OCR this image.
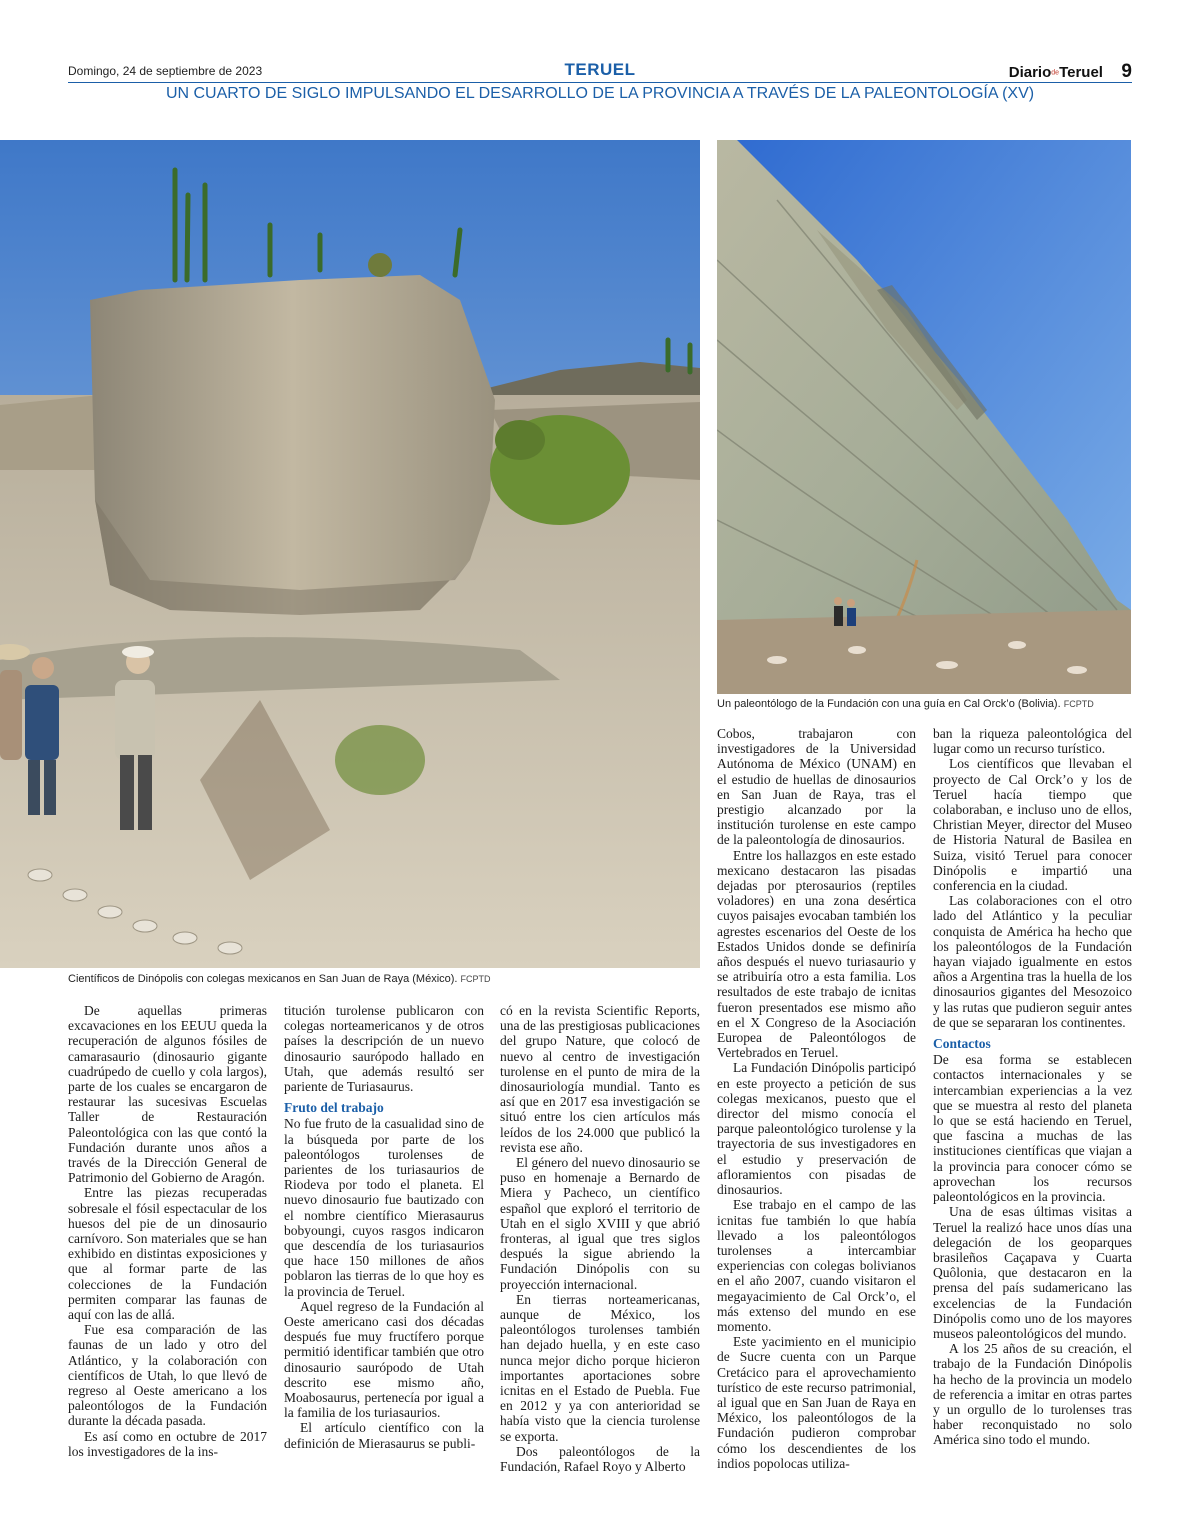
Domingo, 24 de septiembre de 2023	TERUEL	DiariodeTeruel 9
UN CUARTO DE SIGLO IMPULSANDO EL DESARROLLO DE LA PROVINCIA A TRAVÉS DE LA PALEONTOLOGÍA (XV)
Científicos de Dinópolis con colegas mexicanos en San Juan de Raya (México). FCPTD
Un paleontólogo de la Fundación con una guía en Cal Orck’o (Bolivia). FCPTD

De aquellas primeras excavaciones en los EEUU queda la recuperación de algunos fósiles de camarasaurio (dinosaurio gigante cuadrúpedo de cuello y cola largos), parte de los cuales se encargaron de restaurar las sucesivas Escuelas Taller de Restauración Paleontológica con las que contó la Fundación durante unos años a través de la Dirección General de Patrimonio del Gobierno de Aragón.

Entre las piezas recuperadas sobresale el fósil espectacular de los huesos del pie de un dinosaurio carnívoro. Son materiales que se han exhibido en distintas exposiciones y que al formar parte de las colecciones de la Fundación permiten comparar las faunas de aquí con las de allá.

Fue esa comparación de las faunas de un lado y otro del Atlántico, y la colaboración con científicos de Utah, lo que llevó de regreso al Oeste americano a los paleontólogos de la Fundación durante la década pasada.

Es así como en octubre de 2017 los investigadores de la ins-

titución turolense publicaron con colegas norteamericanos y de otros países la descripción de un nuevo dinosaurio saurópodo hallado en Utah, que además resultó ser pariente de Turiasaurus.

Fruto del trabajo

No fue fruto de la casualidad sino de la búsqueda por parte de los paleontólogos turolenses de parientes de los turiasaurios de Riodeva por todo el planeta. El nuevo dinosaurio fue bautizado con el nombre científico Mierasaurus bobyoungi, cuyos rasgos indicaron que descendía de los turiasaurios que hace 150 millones de años poblaron las tierras de lo que hoy es la provincia de Teruel.

Aquel regreso de la Fundación al Oeste americano casi dos décadas después fue muy fructífero porque permitió identificar también que otro dinosaurio saurópodo de Utah descrito ese mismo año, Moabosaurus, pertenecía por igual a la familia de los turiasaurios.

El artículo científico con la definición de Mierasaurus se publi-

có en la revista Scientific Reports, una de las prestigiosas publicaciones del grupo Nature, que colocó de nuevo al centro de investigación turolense en el punto de mira de la dinosauriología mundial. Tanto es así que en 2017 esa investigación se situó entre los cien artículos más leídos de los 24.000 que publicó la revista ese año.

El género del nuevo dinosaurio se puso en homenaje a Bernardo de Miera y Pacheco, un científico español que exploró el territorio de Utah en el siglo XVIII y que abrió fronteras, al igual que tres siglos después la sigue abriendo la Fundación Dinópolis con su proyección internacional.

En tierras norteamericanas, aunque de México, los paleontólogos turolenses también han dejado huella, y en este caso nunca mejor dicho porque hicieron importantes aportaciones sobre icnitas en el Estado de Puebla. Fue en 2012 y ya con anterioridad se había visto que la ciencia turolense se exporta.

Dos paleontólogos de la Fundación, Rafael Royo y Alberto

Cobos, trabajaron con investigadores de la Universidad Autónoma de México (UNAM) en el estudio de huellas de dinosaurios en San Juan de Raya, tras el prestigio alcanzado por la institución turolense en este campo de la paleontología de dinosaurios.

Entre los hallazgos en este estado mexicano destacaron las pisadas dejadas por pterosaurios (reptiles voladores) en una zona desértica cuyos paisajes evocaban también los agrestes escenarios del Oeste de los Estados Unidos donde se definiría años después el nuevo turiasaurio y se atribuiría otro a esta familia. Los resultados de este trabajo de icnitas fueron presentados ese mismo año en el X Congreso de la Asociación Europea de Paleontólogos de Vertebrados en Teruel.

La Fundación Dinópolis participó en este proyecto a petición de sus colegas mexicanos, puesto que el director del mismo conocía el parque paleontológico turolense y la trayectoria de sus investigadores en el estudio y preservación de afloramientos con pisadas de dinosaurios.

Ese trabajo en el campo de las icnitas fue también lo que había llevado a los paleontólogos turolenses a intercambiar experiencias con colegas bolivianos en el año 2007, cuando visitaron el megayacimiento de Cal Orck’o, el más extenso del mundo en ese momento.

Este yacimiento en el municipio de Sucre cuenta con un Parque Cretácico para el aprovechamiento turístico de este recurso patrimonial, al igual que en San Juan de Raya en México, los paleontólogos de la Fundación pudieron comprobar cómo los descendientes de los indios popolocas utiliza-

ban la riqueza paleontológica del lugar como un recurso turístico.

Los científicos que llevaban el proyecto de Cal Orck’o y los de Teruel hacía tiempo que colaboraban, e incluso uno de ellos, Christian Meyer, director del Museo de Historia Natural de Basilea en Suiza, visitó Teruel para conocer Dinópolis e impartió una conferencia en la ciudad.

Las colaboraciones con el otro lado del Atlántico y la peculiar conquista de América ha hecho que los paleontólogos de la Fundación hayan viajado igualmente en estos años a Argentina tras la huella de los dinosaurios gigantes del Mesozoico y las rutas que pudieron seguir antes de que se separaran los continentes.

Contactos

De esa forma se establecen contactos internacionales y se intercambian experiencias a la vez que se muestra al resto del planeta lo que se está haciendo en Teruel, que fascina a muchas de las instituciones científicas que viajan a la provincia para conocer cómo se aprovechan los recursos paleontológicos en la provincia.

Una de esas últimas visitas a Teruel la realizó hace unos días una delegación de los geoparques brasileños Caçapava y Cuarta Quôlonia, que destacaron en la prensa del país sudamericano las excelencias de la Fundación Dinópolis como uno de los mayores museos paleontológicos del mundo.

A los 25 años de su creación, el trabajo de la Fundación Dinópolis ha hecho de la provincia un modelo de referencia a imitar en otras partes y un orgullo de lo turolenses tras haber reconquistado no solo América sino todo el mundo.
